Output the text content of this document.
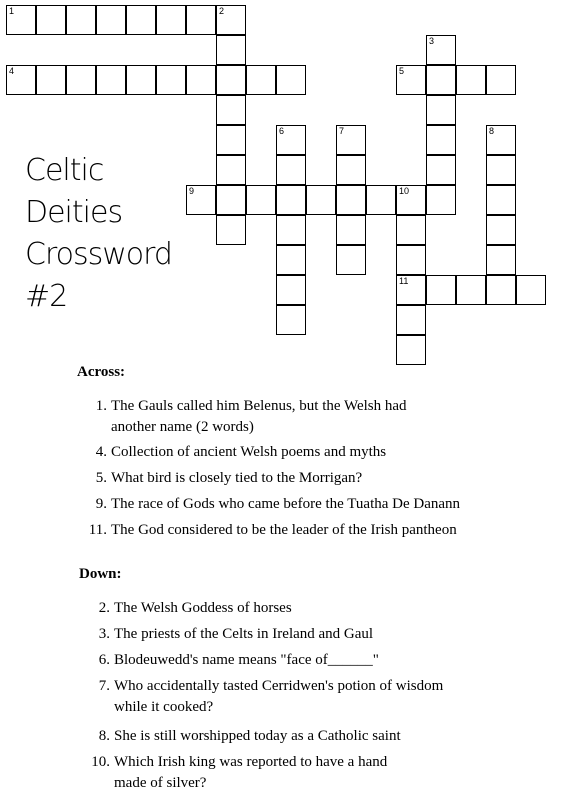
1	2
3
4	5
6	7	8
9	10
11
Celtic
Deities
Crossword
#2
Across:
1. The Gauls called him Belenus, but the Welsh had
another name (2 words)
4. Collection of ancient Welsh poems and myths
5. What bird is closely tied to the Morrigan?
9. The race of Gods who came before the Tuatha De Danann
11. The God considered to be the leader of the Irish pantheon
Down:
2. The Welsh Goddess of horses
3. The priests of the Celts in Ireland and Gaul
6. Blodeuwedd's name means "face of______"
7. Who accidentally tasted Cerridwen's potion of wisdom
while it cooked?
8. She is still worshipped today as a Catholic saint
10. Which Irish king was reported to have a hand
made of silver?
